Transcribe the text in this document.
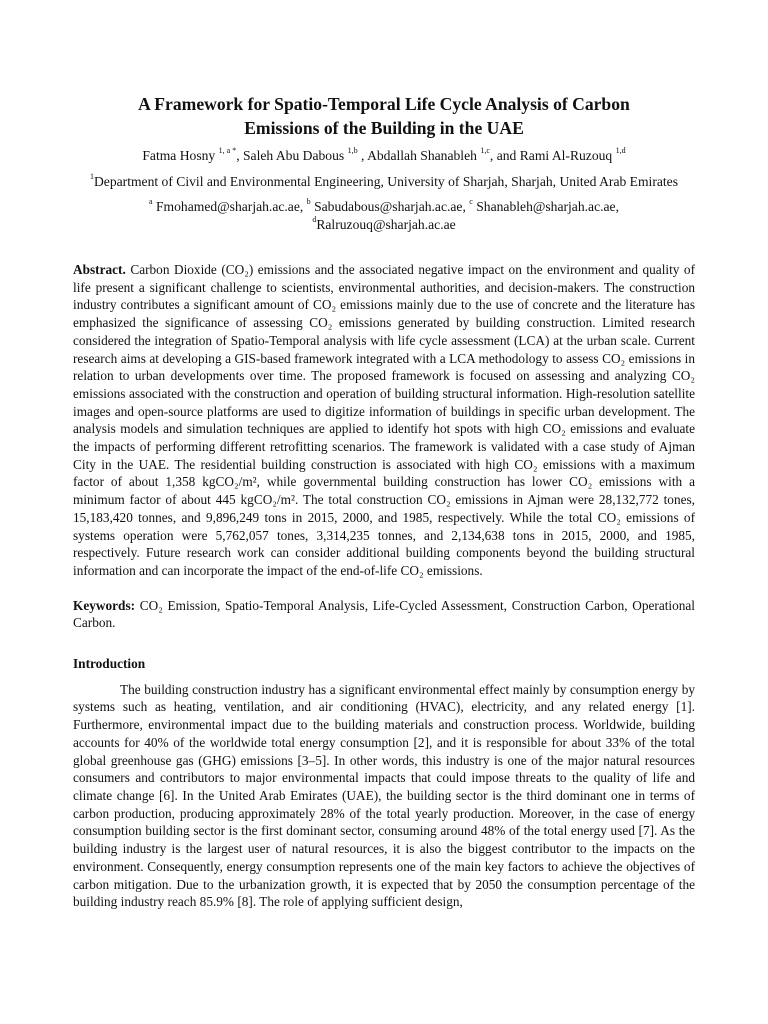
A Framework for Spatio-Temporal Life Cycle Analysis of Carbon
Emissions of the Building in the UAE
Fatma Hosny $^{1, a *}$, Saleh Abu Dabous $^{1,b}$ , Abdallah Shanableh $^{1,c}$, and Rami Al-Ruzouq $^{1,d}$
$^1$Department of Civil and Environmental Engineering, University of Sharjah, Sharjah, United Arab Emirates
$^a$ Fmohamed@sharjah.ac.ae, $^b$ Sabudabous@sharjah.ac.ae, $^c$ Shanableh@sharjah.ac.ae,
$^d$Ralruzouq@sharjah.ac.ae
Abstract. Carbon Dioxide (CO₂) emissions and the associated negative impact on the environment and quality of life present a significant challenge to scientists, environmental authorities, and decision-makers. The construction industry contributes a significant amount of CO₂ emissions mainly due to the use of concrete and the literature has emphasized the significance of assessing CO₂ emissions generated by building construction. Limited research considered the integration of Spatio-Temporal analysis with life cycle assessment (LCA) at the urban scale. Current research aims at developing a GIS-based framework integrated with a LCA methodology to assess CO₂ emissions in relation to urban developments over time. The proposed framework is focused on assessing and analyzing CO₂ emissions associated with the construction and operation of building structural information. High-resolution satellite images and open-source platforms are used to digitize information of buildings in specific urban development. The analysis models and simulation techniques are applied to identify hot spots with high CO₂ emissions and evaluate the impacts of performing different retrofitting scenarios. The framework is validated with a case study of Ajman City in the UAE. The residential building construction is associated with high CO₂ emissions with a maximum factor of about 1,358 kgCO₂/m², while governmental building construction has lower CO₂ emissions with a minimum factor of about 445 kgCO₂/m². The total construction CO₂ emissions in Ajman were 28,132,772 tones, 15,183,420 tonnes, and 9,896,249 tons in 2015, 2000, and 1985, respectively. While the total CO₂ emissions of systems operation were 5,762,057 tones, 3,314,235 tonnes, and 2,134,638 tons in 2015, 2000, and 1985, respectively. Future research work can consider additional building components beyond the building structural information and can incorporate the impact of the end-of-life CO₂ emissions.
Keywords: CO₂ Emission, Spatio-Temporal Analysis, Life-Cycled Assessment, Construction Carbon, Operational Carbon.
Introduction
The building construction industry has a significant environmental effect mainly by consumption energy by systems such as heating, ventilation, and air conditioning (HVAC), electricity, and any related energy [1]. Furthermore, environmental impact due to the building materials and construction process. Worldwide, building accounts for 40% of the worldwide total energy consumption [2], and it is responsible for about 33% of the total global greenhouse gas (GHG) emissions [3–5]. In other words, this industry is one of the major natural resources consumers and contributors to major environmental impacts that could impose threats to the quality of life and climate change [6]. In the United Arab Emirates (UAE), the building sector is the third dominant one in terms of carbon production, producing approximately 28% of the total yearly production. Moreover, in the case of energy consumption building sector is the first dominant sector, consuming around 48% of the total energy used [7]. As the building industry is the largest user of natural resources, it is also the biggest contributor to the impacts on the environment. Consequently, energy consumption represents one of the main key factors to achieve the objectives of carbon mitigation. Due to the urbanization growth, it is expected that by 2050 the consumption percentage of the building industry reach 85.9% [8]. The role of applying sufficient design,
